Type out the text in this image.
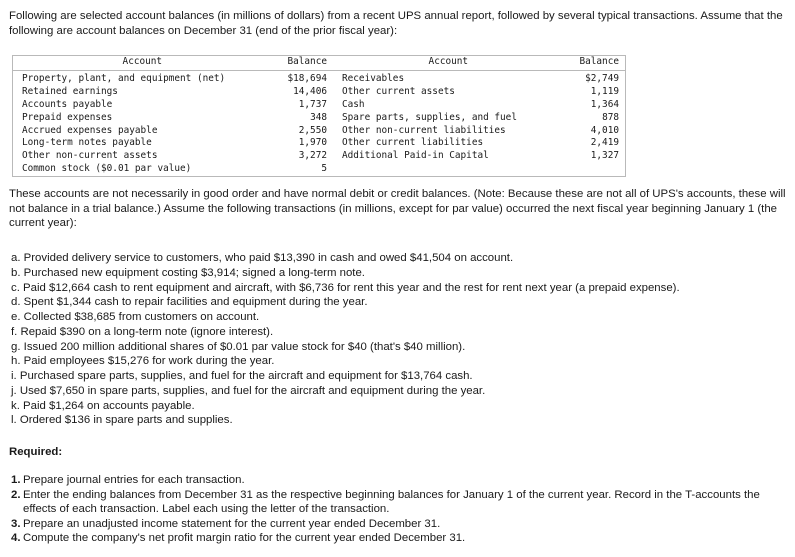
Following are selected account balances (in millions of dollars) from a recent UPS annual report, followed by several typical transactions. Assume that the following are account balances on December 31 (end of the prior fiscal year):
Account	Balance	Account	Balance
Property, plant, and equipment (net)	$18,694	Receivables	$2,749
Retained earnings	14,406	Other current assets	1,119
Accounts payable	1,737	Cash	1,364
Prepaid expenses	348	Spare parts, supplies, and fuel	878
Accrued expenses payable	2,550	Other non-current liabilities	4,010
Long-term notes payable	1,970	Other current liabilities	2,419
Other non-current assets	3,272	Additional Paid-in Capital	1,327
Common stock ($0.01 par value)	5		
These accounts are not necessarily in good order and have normal debit or credit balances. (Note: Because these are not all of UPS's accounts, these will not balance in a trial balance.) Assume the following transactions (in millions, except for par value) occurred the next fiscal year beginning January 1 (the current year):
a. Provided delivery service to customers, who paid $13,390 in cash and owed $41,504 on account.
b. Purchased new equipment costing $3,914; signed a long-term note.
c. Paid $12,664 cash to rent equipment and aircraft, with $6,736 for rent this year and the rest for rent next year (a prepaid expense).
d. Spent $1,344 cash to repair facilities and equipment during the year.
e. Collected $38,685 from customers on account.
f. Repaid $390 on a long-term note (ignore interest).
g. Issued 200 million additional shares of $0.01 par value stock for $40 (that's $40 million).
h. Paid employees $15,276 for work during the year.
i. Purchased spare parts, supplies, and fuel for the aircraft and equipment for $13,764 cash.
j. Used $7,650 in spare parts, supplies, and fuel for the aircraft and equipment during the year.
k. Paid $1,264 on accounts payable.
l. Ordered $136 in spare parts and supplies.
Required:
1. Prepare journal entries for each transaction.
2. Enter the ending balances from December 31 as the respective beginning balances for January 1 of the current year. Record in the T-accounts the effects of each transaction. Label each using the letter of the transaction.
3. Prepare an unadjusted income statement for the current year ended December 31.
4. Compute the company's net profit margin ratio for the current year ended December 31.
